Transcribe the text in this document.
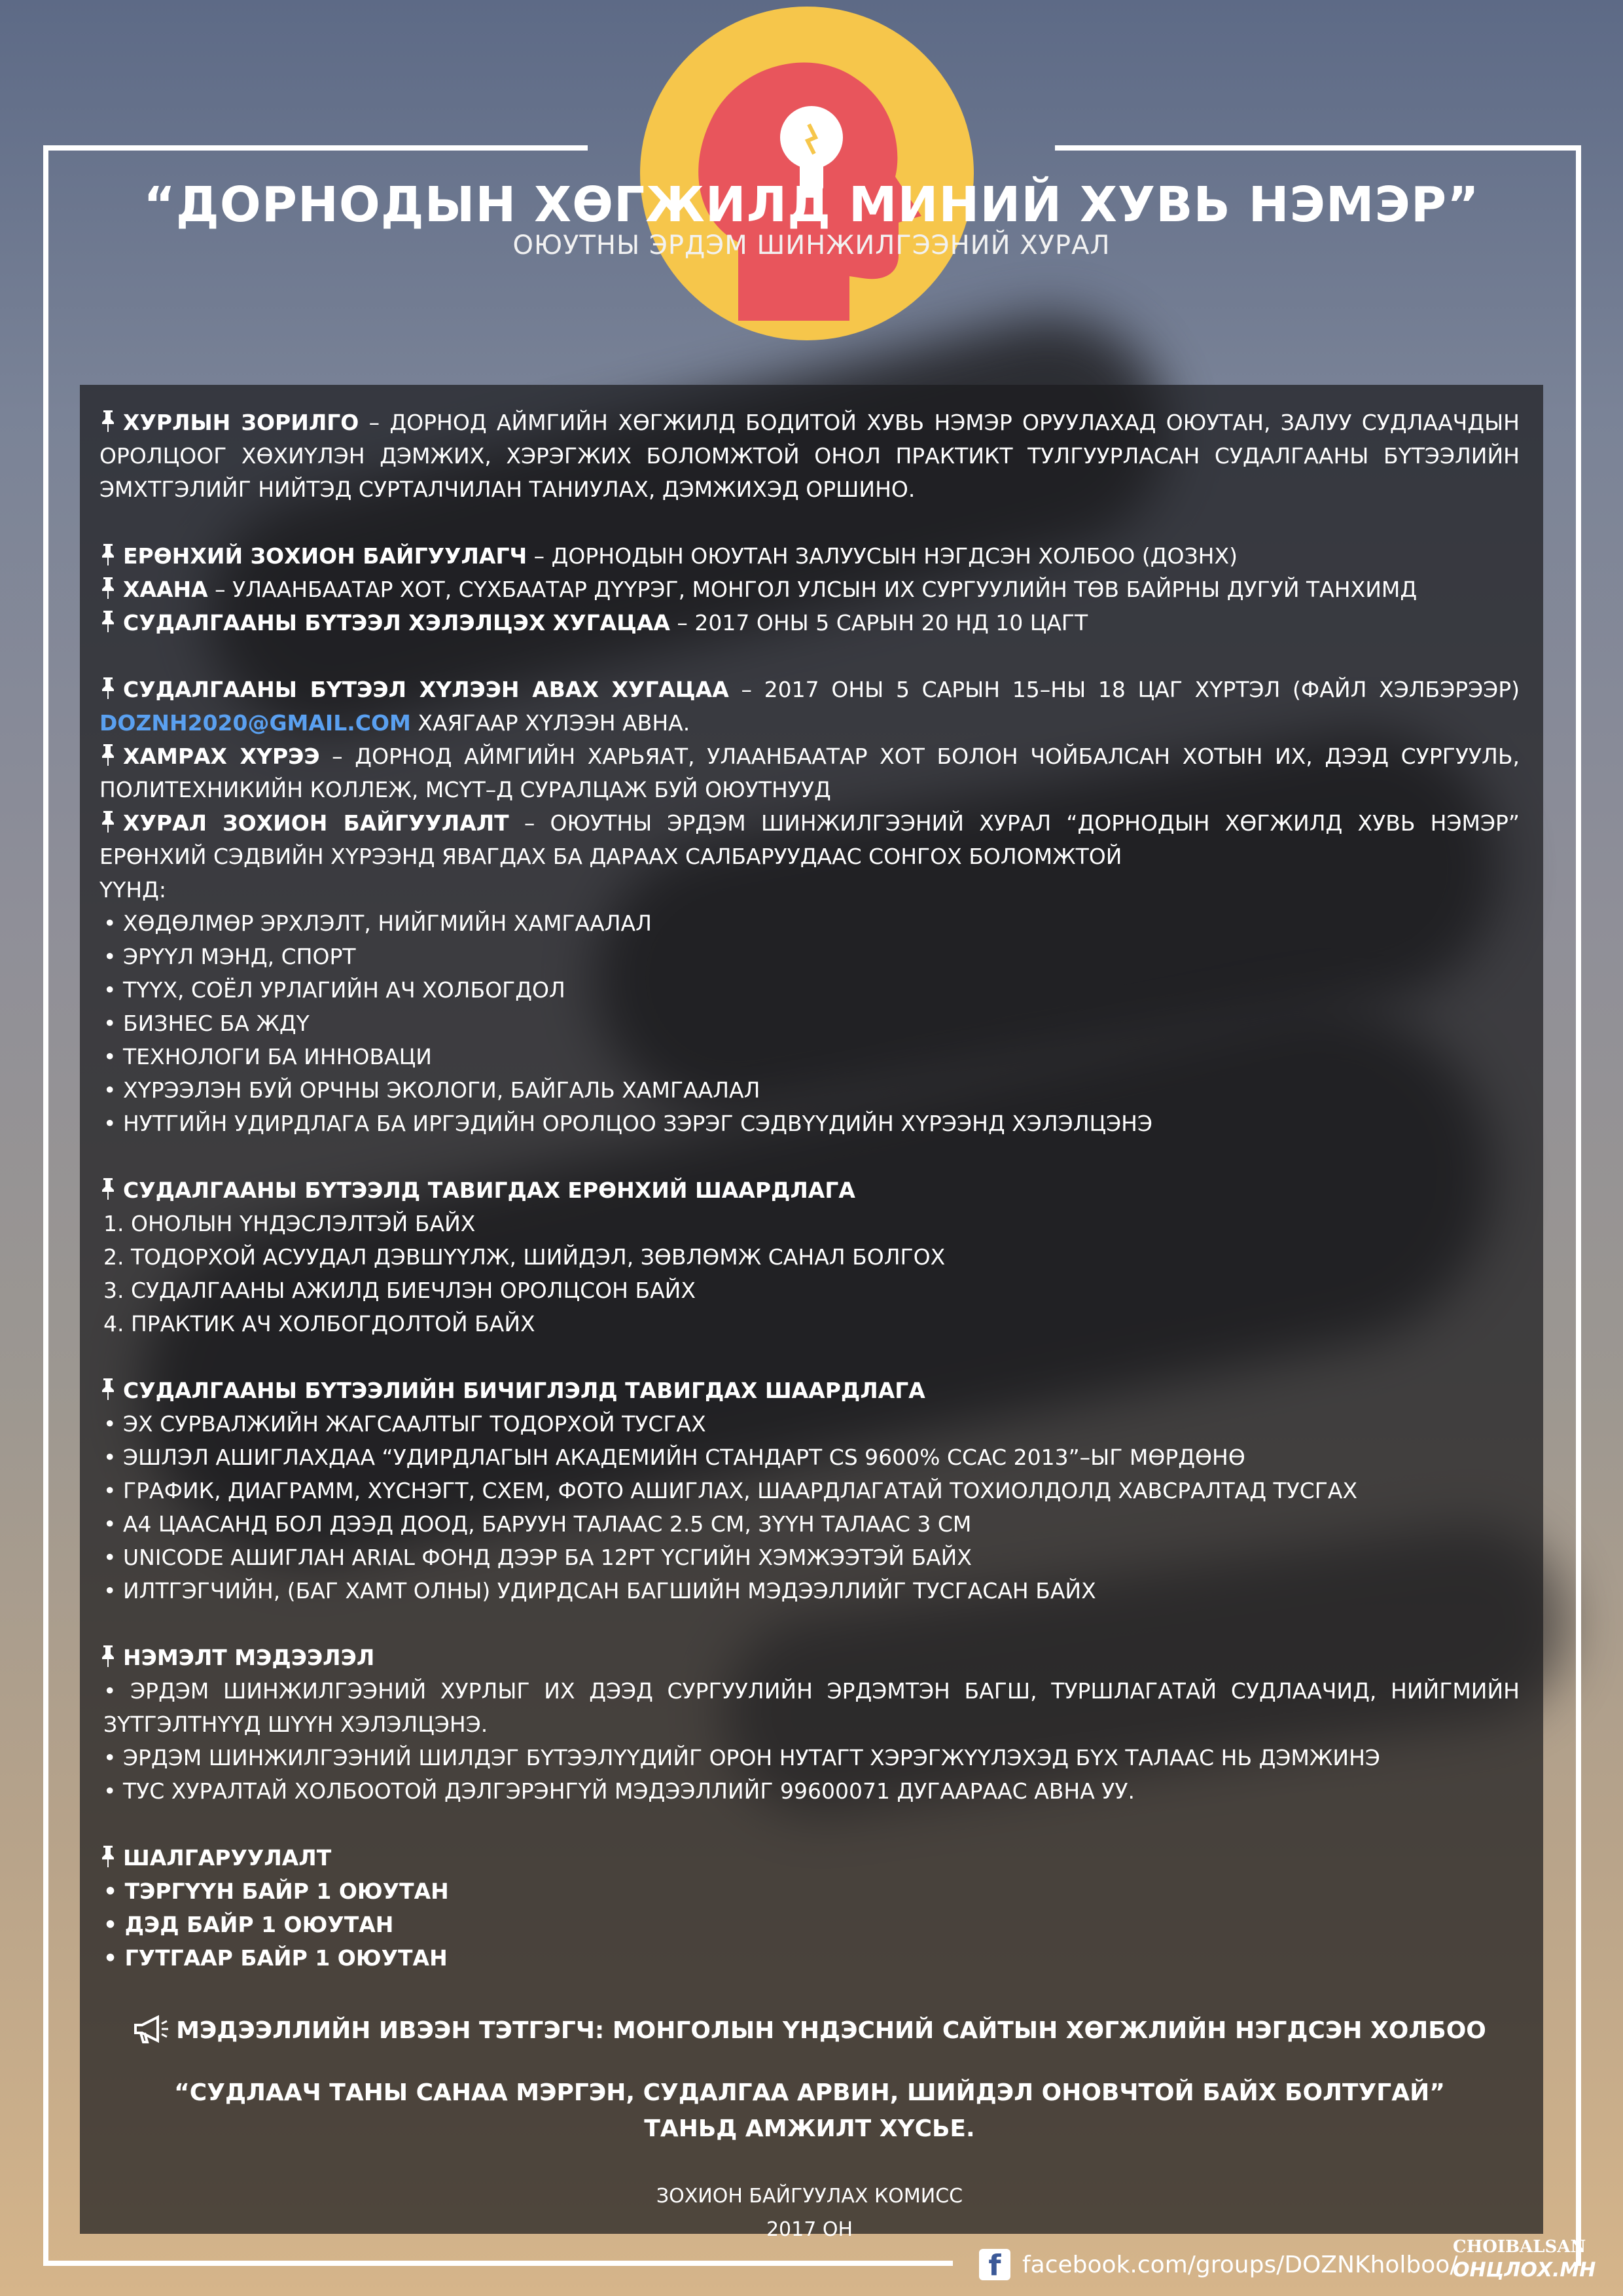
“ДОРНОДЫН ХӨГЖИЛД МИНИЙ ХУВЬ НЭМЭР”
ОЮУТНЫ ЭРДЭМ ШИНЖИЛГЭЭНИЙ ХУРАЛ

ХУРЛЫН ЗОРИЛГО – ДОРНОД АЙМГИЙН ХӨГЖИЛД БОДИТОЙ ХУВЬ НЭМЭР ОРУУЛАХАД ОЮУТАН, ЗАЛУУ СУДЛААЧДЫН ОРОЛЦООГ ХӨХИҮЛЭН ДЭМЖИХ, ХЭРЭГЖИХ БОЛОМЖТОЙ ОНОЛ ПРАКТИКТ ТУЛГУУРЛАСАН СУДАЛГААНЫ БҮТЭЭЛИЙН ЭМХТГЭЛИЙГ НИЙТЭД СУРТАЛЧИЛАН ТАНИУЛАХ, ДЭМЖИХЭД ОРШИНО.

ЕРӨНХИЙ ЗОХИОН БАЙГУУЛАГЧ – ДОРНОДЫН ОЮУТАН ЗАЛУУСЫН НЭГДСЭН ХОЛБОО (ДОЗНХ)

ХААНА – УЛААНБААТАР ХОТ, СҮХБААТАР ДҮҮРЭГ, МОНГОЛ УЛСЫН ИХ СУРГУУЛИЙН ТӨВ БАЙРНЫ ДУГУЙ ТАНХИМД

СУДАЛГААНЫ БҮТЭЭЛ ХЭЛЭЛЦЭХ ХУГАЦАА – 2017 ОНЫ 5 САРЫН 20 НД 10 ЦАГТ

СУДАЛГААНЫ БҮТЭЭЛ ХҮЛЭЭН АВАХ ХУГАЦАА – 2017 ОНЫ 5 САРЫН 15–НЫ 18 ЦАГ ХҮРТЭЛ (ФАЙЛ ХЭЛБЭРЭЭР) DOZNH2020@GMAIL.COM ХАЯГААР ХҮЛЭЭН АВНА.

ХАМРАХ ХҮРЭЭ – ДОРНОД АЙМГИЙН ХАРЬЯАТ, УЛААНБААТАР ХОТ БОЛОН ЧОЙБАЛСАН ХОТЫН ИХ, ДЭЭД СУРГУУЛЬ, ПОЛИТЕХНИКИЙН КОЛЛЕЖ, МСҮТ–Д СУРАЛЦАЖ БУЙ ОЮУТНУУД

ХУРАЛ ЗОХИОН БАЙГУУЛАЛТ – ОЮУТНЫ ЭРДЭМ ШИНЖИЛГЭЭНИЙ ХУРАЛ “ДОРНОДЫН ХӨГЖИЛД ХУВЬ НЭМЭР” ЕРӨНХИЙ СЭДВИЙН ХҮРЭЭНД ЯВАГДАХ БА ДАРААХ САЛБАРУУДААС СОНГОХ БОЛОМЖТОЙ

ҮҮНД:

• ХӨДӨЛМӨР ЭРХЛЭЛТ, НИЙГМИЙН ХАМГААЛАЛ
• ЭРҮҮЛ МЭНД, СПОРТ
• ТҮҮХ, СОЁЛ УРЛАГИЙН АЧ ХОЛБОГДОЛ
• БИЗНЕС БА ЖДҮ
• ТЕХНОЛОГИ БА ИННОВАЦИ
• ХҮРЭЭЛЭН БУЙ ОРЧНЫ ЭКОЛОГИ, БАЙГАЛЬ ХАМГААЛАЛ
• НУТГИЙН УДИРДЛАГА БА ИРГЭДИЙН ОРОЛЦОО ЗЭРЭГ СЭДВҮҮДИЙН ХҮРЭЭНД ХЭЛЭЛЦЭНЭ

СУДАЛГААНЫ БҮТЭЭЛД ТАВИГДАХ ЕРӨНХИЙ ШААРДЛАГА

1. ОНОЛЫН ҮНДЭСЛЭЛТЭЙ БАЙХ
2. ТОДОРХОЙ АСУУДАЛ ДЭВШҮҮЛЖ, ШИЙДЭЛ, ЗӨВЛӨМЖ САНАЛ БОЛГОХ
3. СУДАЛГААНЫ АЖИЛД БИЕЧЛЭН ОРОЛЦСОН БАЙХ
4. ПРАКТИК АЧ ХОЛБОГДОЛТОЙ БАЙХ

СУДАЛГААНЫ БҮТЭЭЛИЙН БИЧИГЛЭЛД ТАВИГДАХ ШААРДЛАГА

• ЭХ СУРВАЛЖИЙН ЖАГСААЛТЫГ ТОДОРХОЙ ТУСГАХ
• ЭШЛЭЛ АШИГЛАХДАА “УДИРДЛАГЫН АКАДЕМИЙН СТАНДАРТ CS 9600% CCAC 2013”–ЫГ МӨРДӨНӨ
• ГРАФИК, ДИАГРАММ, ХҮСНЭГТ, СХЕМ, ФОТО АШИГЛАХ, ШААРДЛАГАТАЙ ТОХИОЛДОЛД ХАВСРАЛТАД ТУСГАХ
• А4 ЦААСАНД БОЛ ДЭЭД ДООД, БАРУУН ТАЛААС 2.5 СМ, ЗҮҮН ТАЛААС 3 СМ
• UNICODE АШИГЛАН ARIAL ФОНД ДЭЭР БА 12PT ҮСГИЙН ХЭМЖЭЭТЭЙ БАЙХ
• ИЛТГЭГЧИЙН, (БАГ ХАМТ ОЛНЫ) УДИРДСАН БАГШИЙН МЭДЭЭЛЛИЙГ ТУСГАСАН БАЙХ

НЭМЭЛТ МЭДЭЭЛЭЛ

• ЭРДЭМ ШИНЖИЛГЭЭНИЙ ХУРЛЫГ ИХ ДЭЭД СУРГУУЛИЙН ЭРДЭМТЭН БАГШ, ТУРШЛАГАТАЙ СУДЛААЧИД, НИЙГМИЙН ЗҮТГЭЛТНҮҮД ШҮҮН ХЭЛЭЛЦЭНЭ.
• ЭРДЭМ ШИНЖИЛГЭЭНИЙ ШИЛДЭГ БҮТЭЭЛҮҮДИЙГ ОРОН НУТАГТ ХЭРЭГЖҮҮЛЭХЭД БҮХ ТАЛААС НЬ ДЭМЖИНЭ
• ТУС ХУРАЛТАЙ ХОЛБООТОЙ ДЭЛГЭРЭНГҮЙ МЭДЭЭЛЛИЙГ 99600071 ДУГААРААС АВНА УУ.

ШАЛГАРУУЛАЛТ

• ТЭРГҮҮН БАЙР 1 ОЮУТАН
• ДЭД БАЙР 1 ОЮУТАН
• ГУТГААР БАЙР 1 ОЮУТАН
МЭДЭЭЛЛИЙН ИВЭЭН ТЭТГЭГЧ: МОНГОЛЫН ҮНДЭСНИЙ САЙТЫН ХӨГЖЛИЙН НЭГДСЭН ХОЛБОО
“СУДЛААЧ ТАНЫ САНАА МЭРГЭН, СУДАЛГАА АРВИН, ШИЙДЭЛ ОНОВЧТОЙ БАЙХ БОЛТУГАЙ”
ТАНЬД АМЖИЛТ ХҮСЬЕ.
ЗОХИОН БАЙГУУЛАХ КОМИСС
2017 ОН
f facebook.com/groups/DOZNKholboo/
CHOIBALSAN
ОНЦЛОХ.МН
